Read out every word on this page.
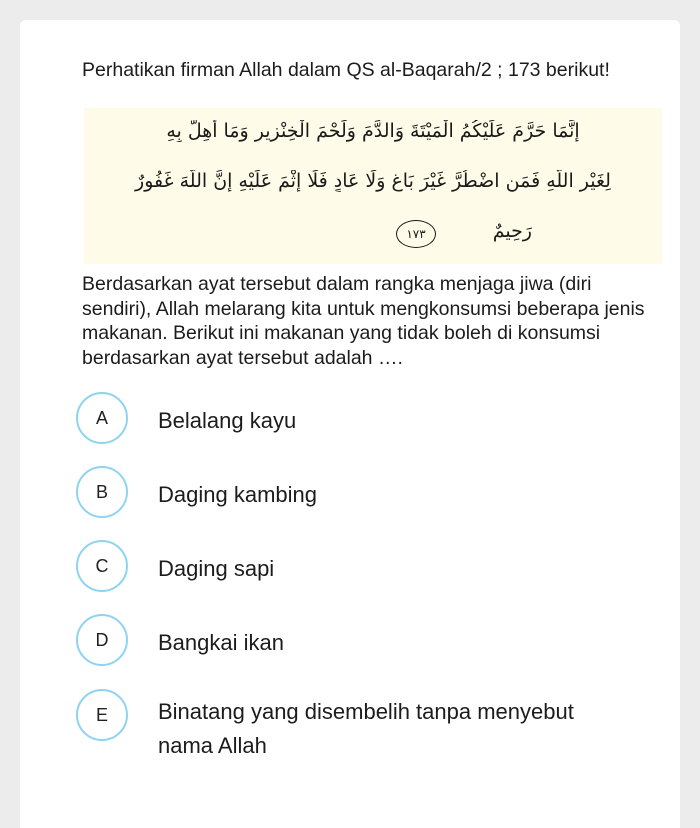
Perhatikan firman Allah dalam QS al-Baqarah/2 ; 173 berikut!

إِنَّمَا حَرَّمَ عَلَيْكُمُ الْمَيْتَةَ وَالدَّمَ وَلَحْمَ الْخِنْزِيرِ وَمَا أُهِلَّ بِهِ
لِغَيْرِ اللَّهِ فَمَنِ اضْطُرَّ غَيْرَ بَاغٍ وَلَا عَادٍ فَلَا إِثْمَ عَلَيْهِ إِنَّ اللَّهَ غَفُورٌ
رَحِيمٌ
١٧٣

Berdasarkan ayat tersebut dalam rangka menjaga jiwa (diri sendiri), Allah melarang kita untuk mengkonsumsi beberapa jenis makanan. Berikut ini makanan yang tidak boleh di konsumsi berdasarkan ayat tersebut adalah ….

A	Belalang kayu
B	Daging kambing
C	Daging sapi
D	Bangkai ikan
E	Binatang yang disembelih tanpa menyebut nama Allah
